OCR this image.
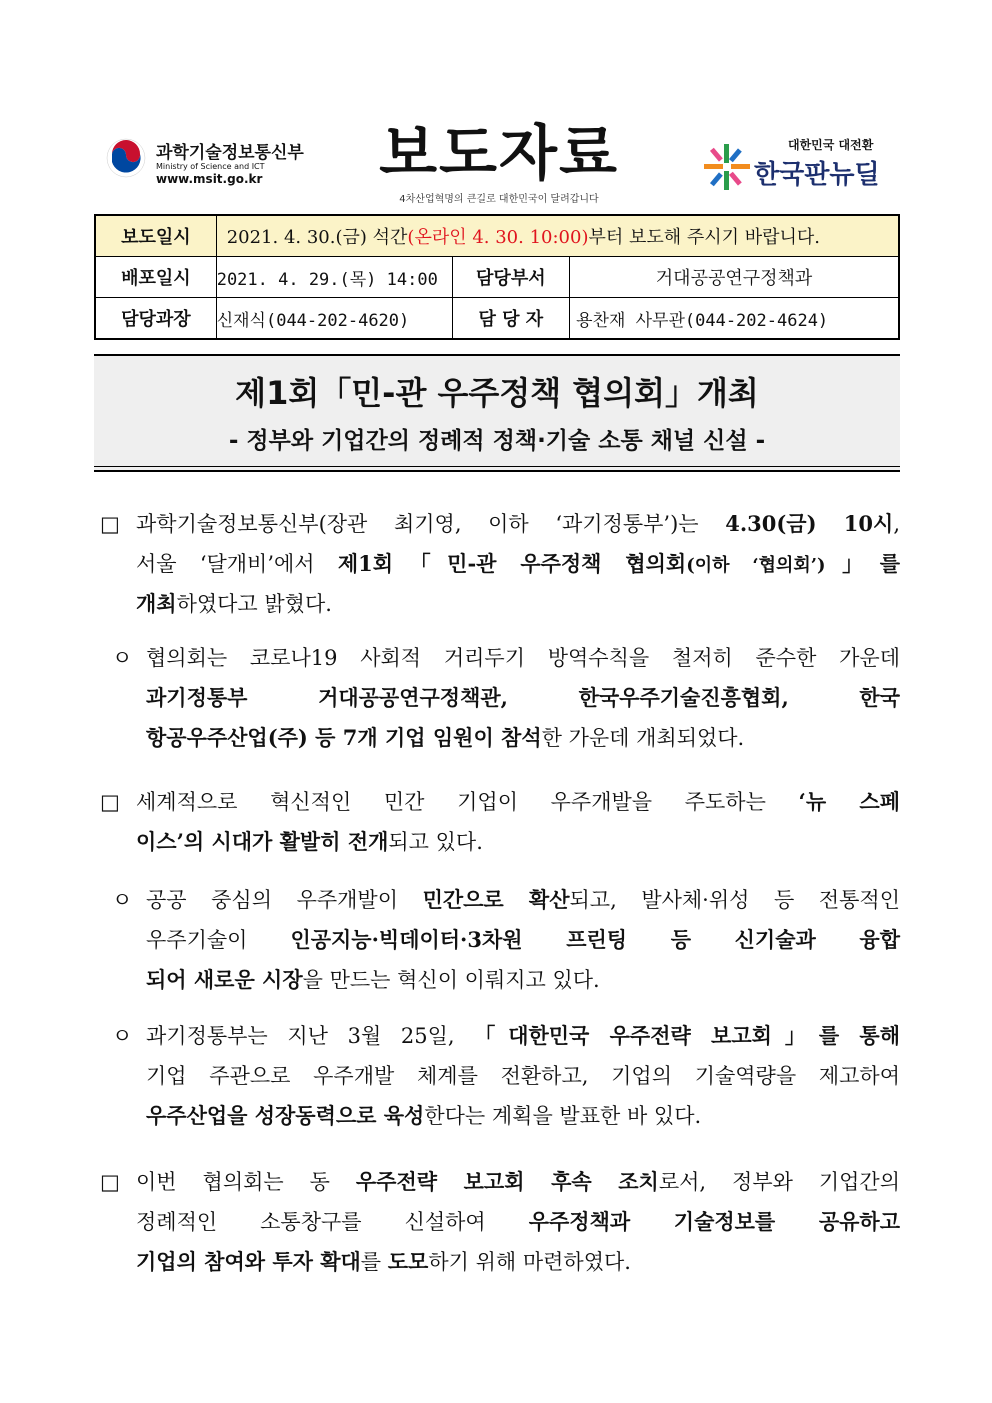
과학기술정보통신부
Ministry of Science and ICT
www.msit.go.kr	보도자료
4차산업혁명의 큰길로 대한민국이 달려갑니다
대한민국 대전환
한국판뉴딜
보도일시	2021. 4. 30.(금) 석간(온라인 4. 30. 10:00)부터 보도해 주시기 바랍니다.		
배포일시	2021. 4. 29.(목) 14:00	담당부서	거대공공연구정책과
담당과장	신재식(044-202-4620)	담 당 자	용찬재 사무관(044-202-4624)
제1회「민-관 우주정책 협의회」개최
- 정부와 기업간의 정례적 정책·기술 소통 채널 신설 -
□ 과학기술정보통신부(장관 최기영, 이하 ‘과기정통부’)는 4.30(금) 10시,
서울 ‘달개비’에서 제1회「민-관 우주정책 협의회(이하 ‘협의회’)」를
개최하였다고 밝혔다.
ㅇ 협의회는 코로나19 사회적 거리두기 방역수칙을 철저히 준수한 가운데
과기정통부 거대공공연구정책관, 한국우주기술진흥협회, 한국
항공우주산업(주) 등 7개 기업 임원이 참석한 가운데 개최되었다.
□ 세계적으로 혁신적인 민간 기업이 우주개발을 주도하는 ‘뉴 스페
이스’의 시대가 활발히 전개되고 있다.
ㅇ 공공 중심의 우주개발이 민간으로 확산되고, 발사체·위성 등 전통적인
우주기술이 인공지능·빅데이터·3차원 프린팅 등 신기술과 융합
되어 새로운 시장을 만드는 혁신이 이뤄지고 있다.
ㅇ 과기정통부는 지난 3월 25일, 「대한민국 우주전략 보고회」를 통해
기업 주관으로 우주개발 체계를 전환하고, 기업의 기술역량을 제고하여
우주산업을 성장동력으로 육성한다는 계획을 발표한 바 있다.
□ 이번 협의회는 동 우주전략 보고회 후속 조치로서, 정부와 기업간의
정례적인 소통창구를 신설하여 우주정책과 기술정보를 공유하고
기업의 참여와 투자 확대를 도모하기 위해 마련하였다.
